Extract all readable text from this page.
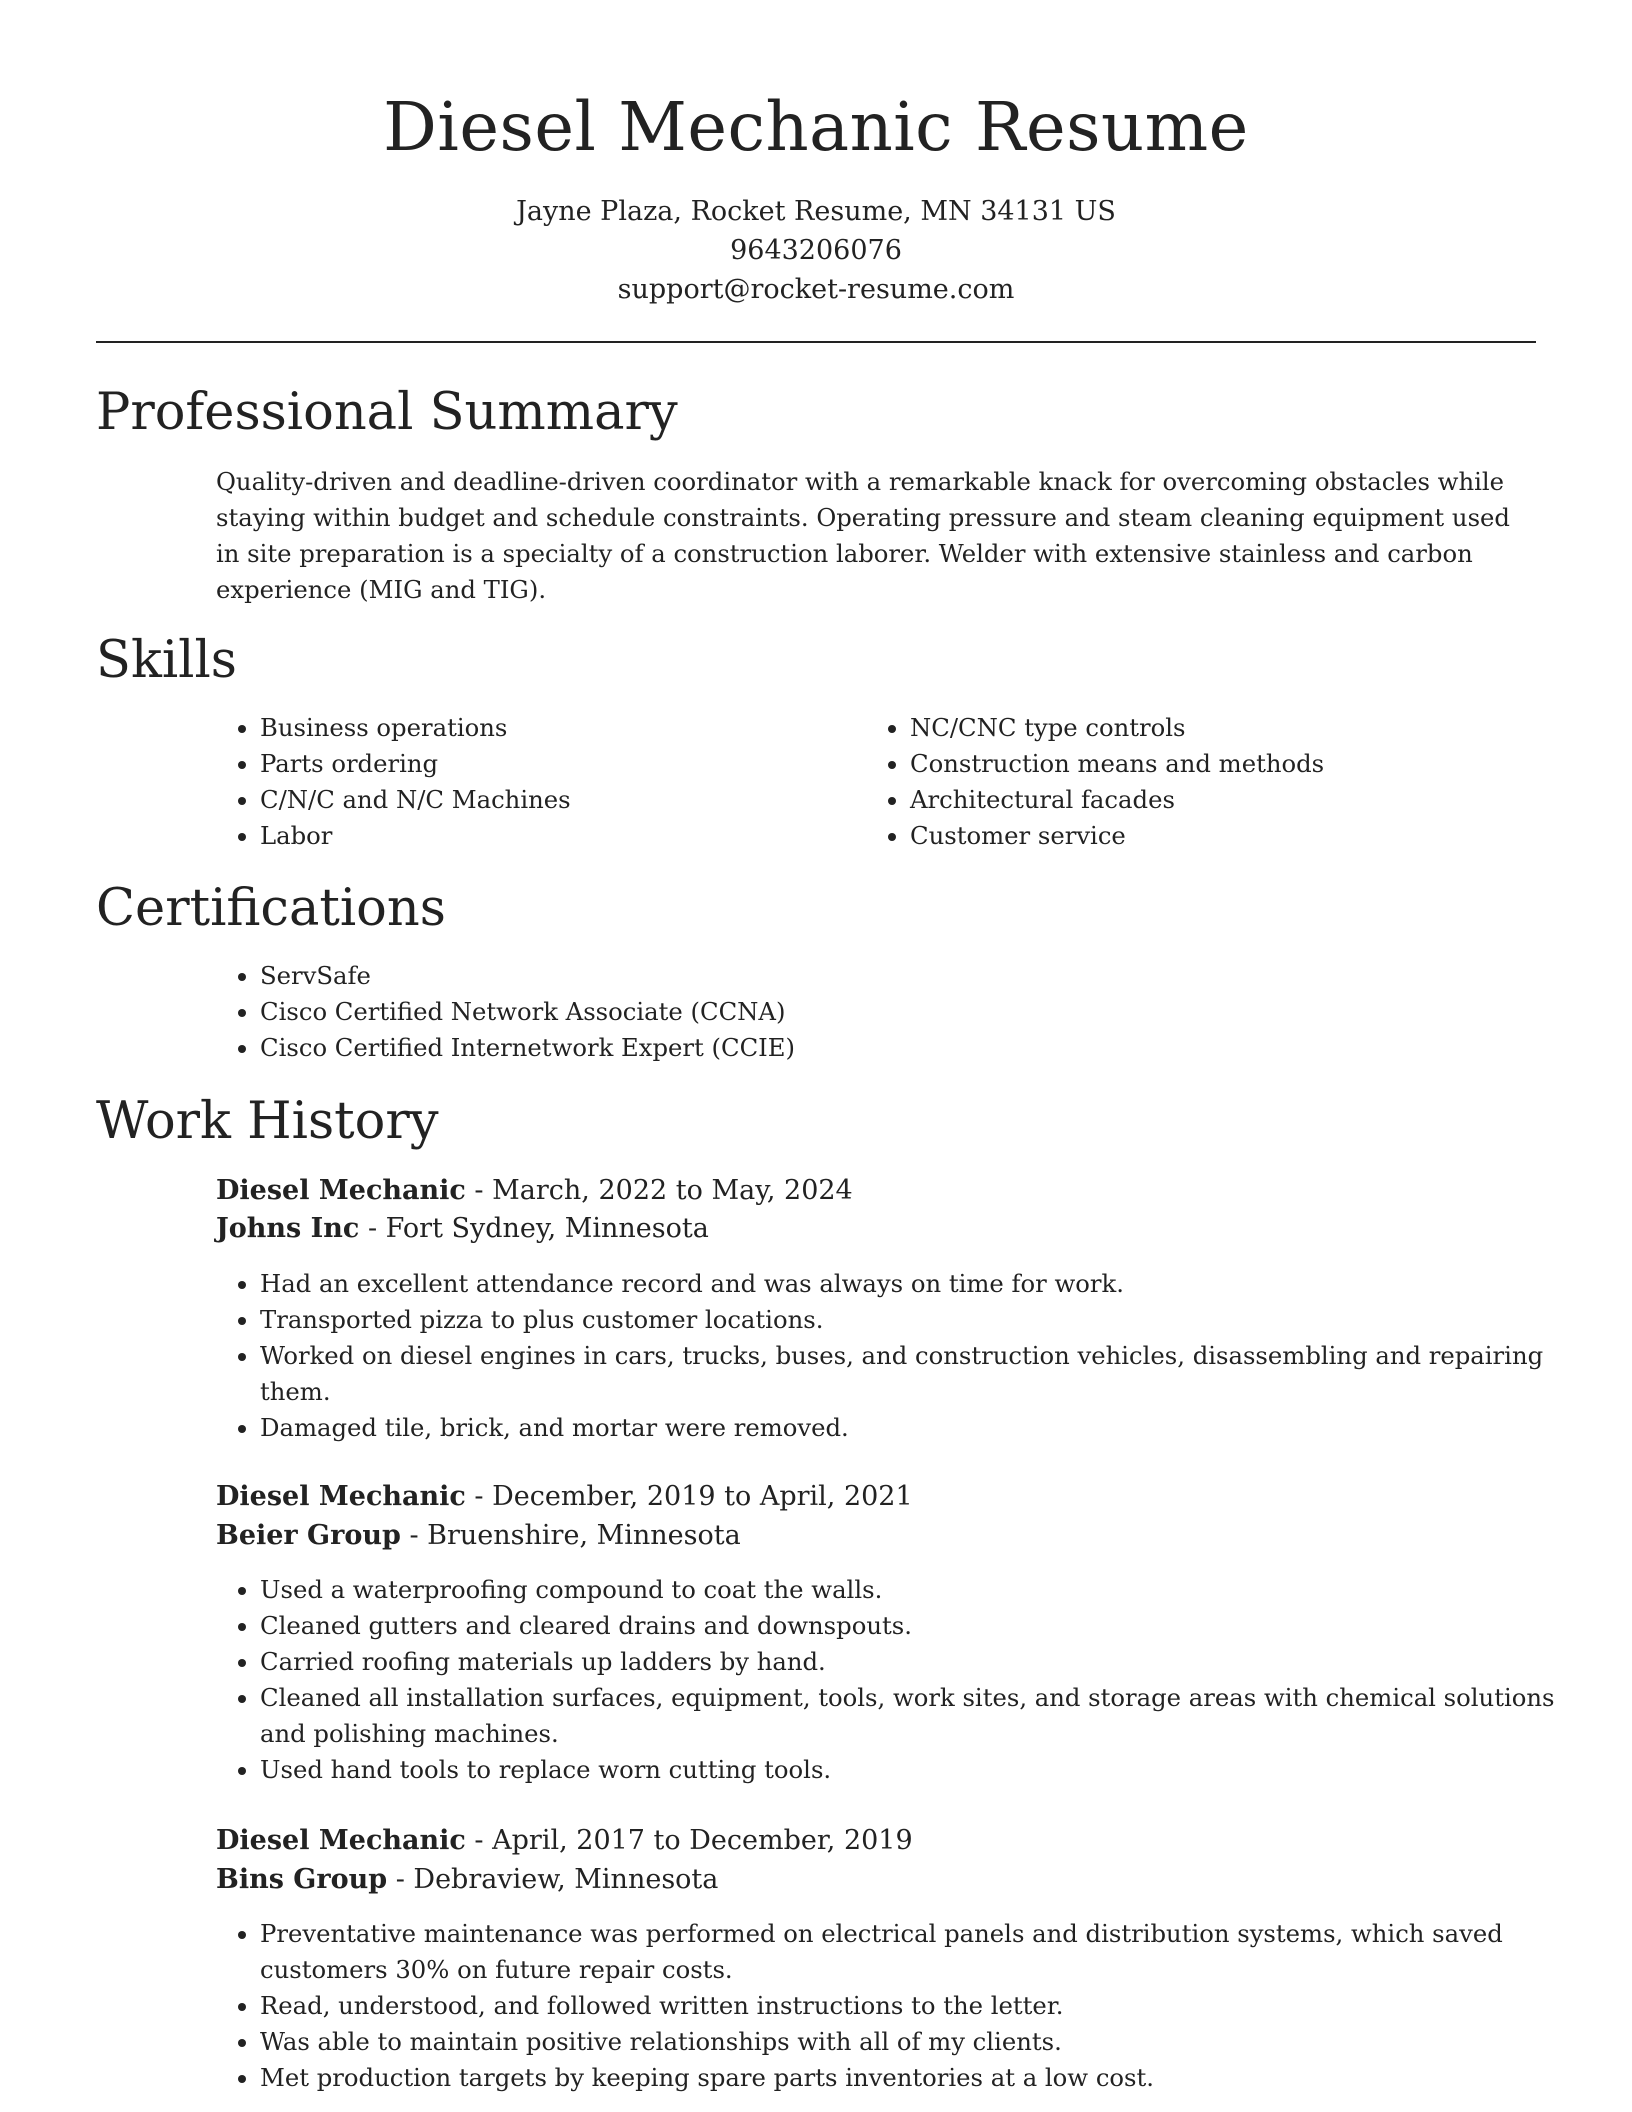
Diesel Mechanic Resume
Jayne Plaza, Rocket Resume, MN 34131 US
9643206076
support@rocket-resume.com
Professional Summary

Quality-driven and deadline-driven coordinator with a remarkable knack for overcoming obstacles while staying within budget and schedule constraints. Operating pressure and steam cleaning equipment used in site preparation is a specialty of a construction laborer. Welder with extensive stainless and carbon experience (MIG and TIG).

Skills
• Business operations
• Parts ordering
• C/N/C and N/C Machines
• Labor
• NC/CNC type controls
• Construction means and methods
• Architectural facades
• Customer service
Certifications
• ServSafe
• Cisco Certified Network Associate (CCNA)
• Cisco Certified Internetwork Expert (CCIE)
Work History
Diesel Mechanic - March, 2022 to May, 2024
Johns Inc - Fort Sydney, Minnesota
• Had an excellent attendance record and was always on time for work.
• Transported pizza to plus customer locations.
• Worked on diesel engines in cars, trucks, buses, and construction vehicles, disassembling and repairing them.
• Damaged tile, brick, and mortar were removed.
Diesel Mechanic - December, 2019 to April, 2021
Beier Group - Bruenshire, Minnesota
• Used a waterproofing compound to coat the walls.
• Cleaned gutters and cleared drains and downspouts.
• Carried roofing materials up ladders by hand.
• Cleaned all installation surfaces, equipment, tools, work sites, and storage areas with chemical solutions and polishing machines.
• Used hand tools to replace worn cutting tools.
Diesel Mechanic - April, 2017 to December, 2019
Bins Group - Debraview, Minnesota
• Preventative maintenance was performed on electrical panels and distribution systems, which saved customers 30% on future repair costs.
• Read, understood, and followed written instructions to the letter.
• Was able to maintain positive relationships with all of my clients.
• Met production targets by keeping spare parts inventories at a low cost.
